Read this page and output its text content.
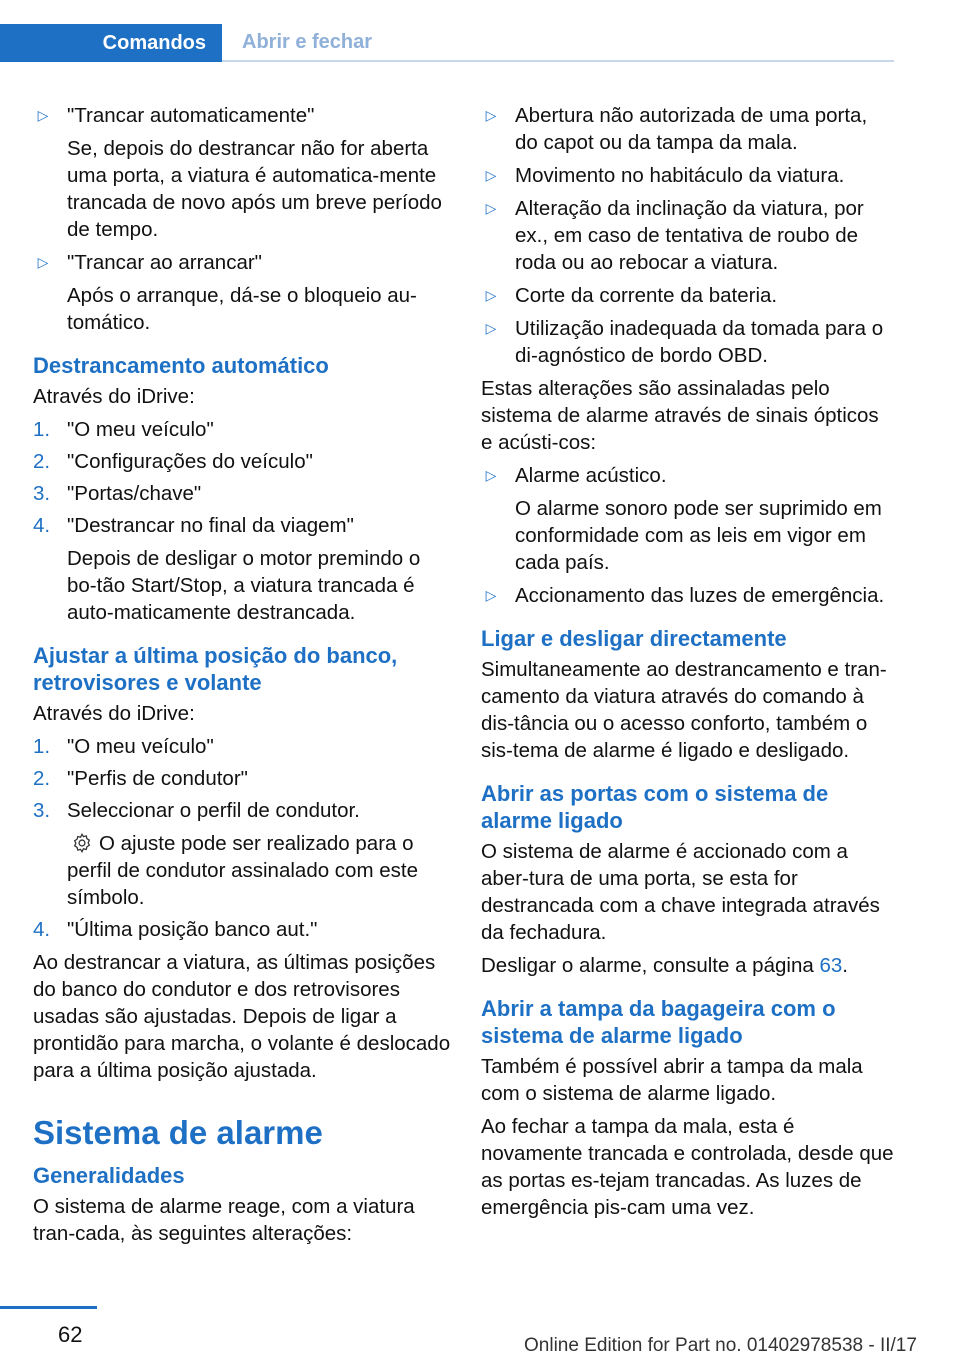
Comandos	Abrir e fechar
▷ "Trancar automaticamente"
Se, depois do destrancar não for aberta uma porta, a viatura é automatica-mente trancada de novo após um breve período de tempo.
▷ "Trancar ao arrancar"
Após o arranque, dá-se o bloqueio au-tomático.
Destrancamento automático

Através do iDrive:

1. "O meu veículo"
2. "Configurações do veículo"
3. "Portas/chave"
4. "Destrancar no final da viagem"
Depois de desligar o motor premindo o bo-tão Start/Stop, a viatura trancada é auto-maticamente destrancada.
Ajustar a última posição do banco, retrovisores e volante

Através do iDrive:

1. "O meu veículo"
2. "Perfis de condutor"
3. Seleccionar o perfil de condutor.
O ajuste pode ser realizado para o perfil de condutor assinalado com este símbolo.
4. "Última posição banco aut."

Ao destrancar a viatura, as últimas posições do banco do condutor e dos retrovisores usadas são ajustadas. Depois de ligar a prontidão para marcha, o volante é deslocado para a última posição ajustada.

Sistema de alarme
Generalidades

O sistema de alarme reage, com a viatura tran-cada, às seguintes alterações:

▷ Abertura não autorizada de uma porta, do capot ou da tampa da mala.
▷ Movimento no habitáculo da viatura.
▷ Alteração da inclinação da viatura, por ex., em caso de tentativa de roubo de roda ou ao rebocar a viatura.
▷ Corte da corrente da bateria.
▷ Utilização inadequada da tomada para o di-agnóstico de bordo OBD.

Estas alterações são assinaladas pelo sistema de alarme através de sinais ópticos e acústi-cos:

▷ Alarme acústico.
O alarme sonoro pode ser suprimido em conformidade com as leis em vigor em cada país.
▷ Accionamento das luzes de emergência.
Ligar e desligar directamente

Simultaneamente ao destrancamento e tran-camento da viatura através do comando à dis-tância ou o acesso conforto, também o sis-tema de alarme é ligado e desligado.

Abrir as portas com o sistema de alarme ligado

O sistema de alarme é accionado com a aber-tura de uma porta, se esta for destrancada com a chave integrada através da fechadura.

Desligar o alarme, consulte a página 63.

Abrir a tampa da bagageira com o sistema de alarme ligado

Também é possível abrir a tampa da mala com o sistema de alarme ligado.

Ao fechar a tampa da mala, esta é novamente trancada e controlada, desde que as portas es-tejam trancadas. As luzes de emergência pis-cam uma vez.

62	Online Edition for Part no. 01402978538 - II/17
